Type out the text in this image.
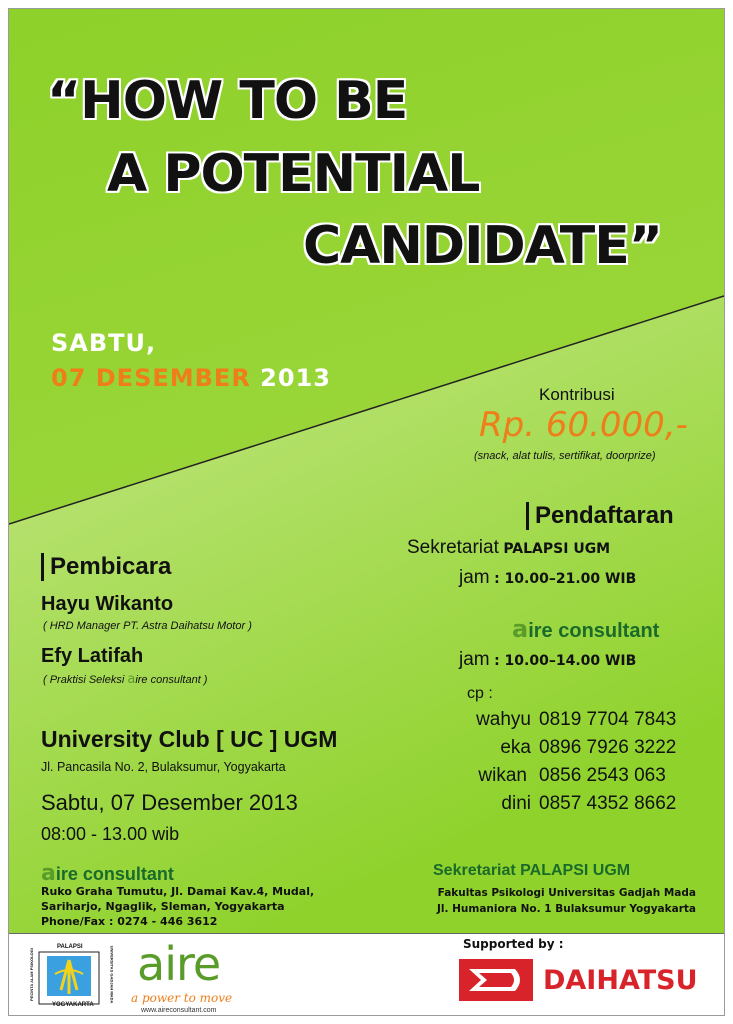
“HOW TO BE
A POTENTIAL
CANDIDATE”
SABTU,
07 DESEMBER 2013
Kontribusi
Rp. 60.000,-
(snack, alat tulis, sertifikat, doorprize)
Pendaftaran
Sekretariat PALAPSI UGM
jam : 10.00–21.00 WIB
aire consultant
jam : 10.00–14.00 WIB
cp :
wahyu 0819 7704 7843
eka 0896 7926 3222
wikan 0856 2543 063
dini 0857 4352 8662
Pembicara
Hayu Wikanto
( HRD Manager PT. Astra Daihatsu Motor )
Efy Latifah
( Praktisi Seleksi aire consultant )
University Club [ UC ] UGM
Jl. Pancasila No. 2, Bulaksumur, Yogyakarta
Sabtu, 07 Desember 2013
08:00 - 13.00 wib
aire consultant
Ruko Graha Tumutu, Jl. Damai Kav.4, Mudal,
Sariharjo, Ngaglik, Sleman, Yogyakarta
Phone/Fax : 0274 - 446 3612
Sekretariat PALAPSI UGM
Fakultas Psikologi Universitas Gadjah Mada
Jl. Humaniora No. 1 Bulaksumur Yogyakarta
PALAPSI
YOGYAKARTA
PECINTA ALAM PSIKOLOGI	UNIVERSITAS GADJAH MADA aire
a power to move
www.aireconsultant.com
Supported by :
DAIHATSU
